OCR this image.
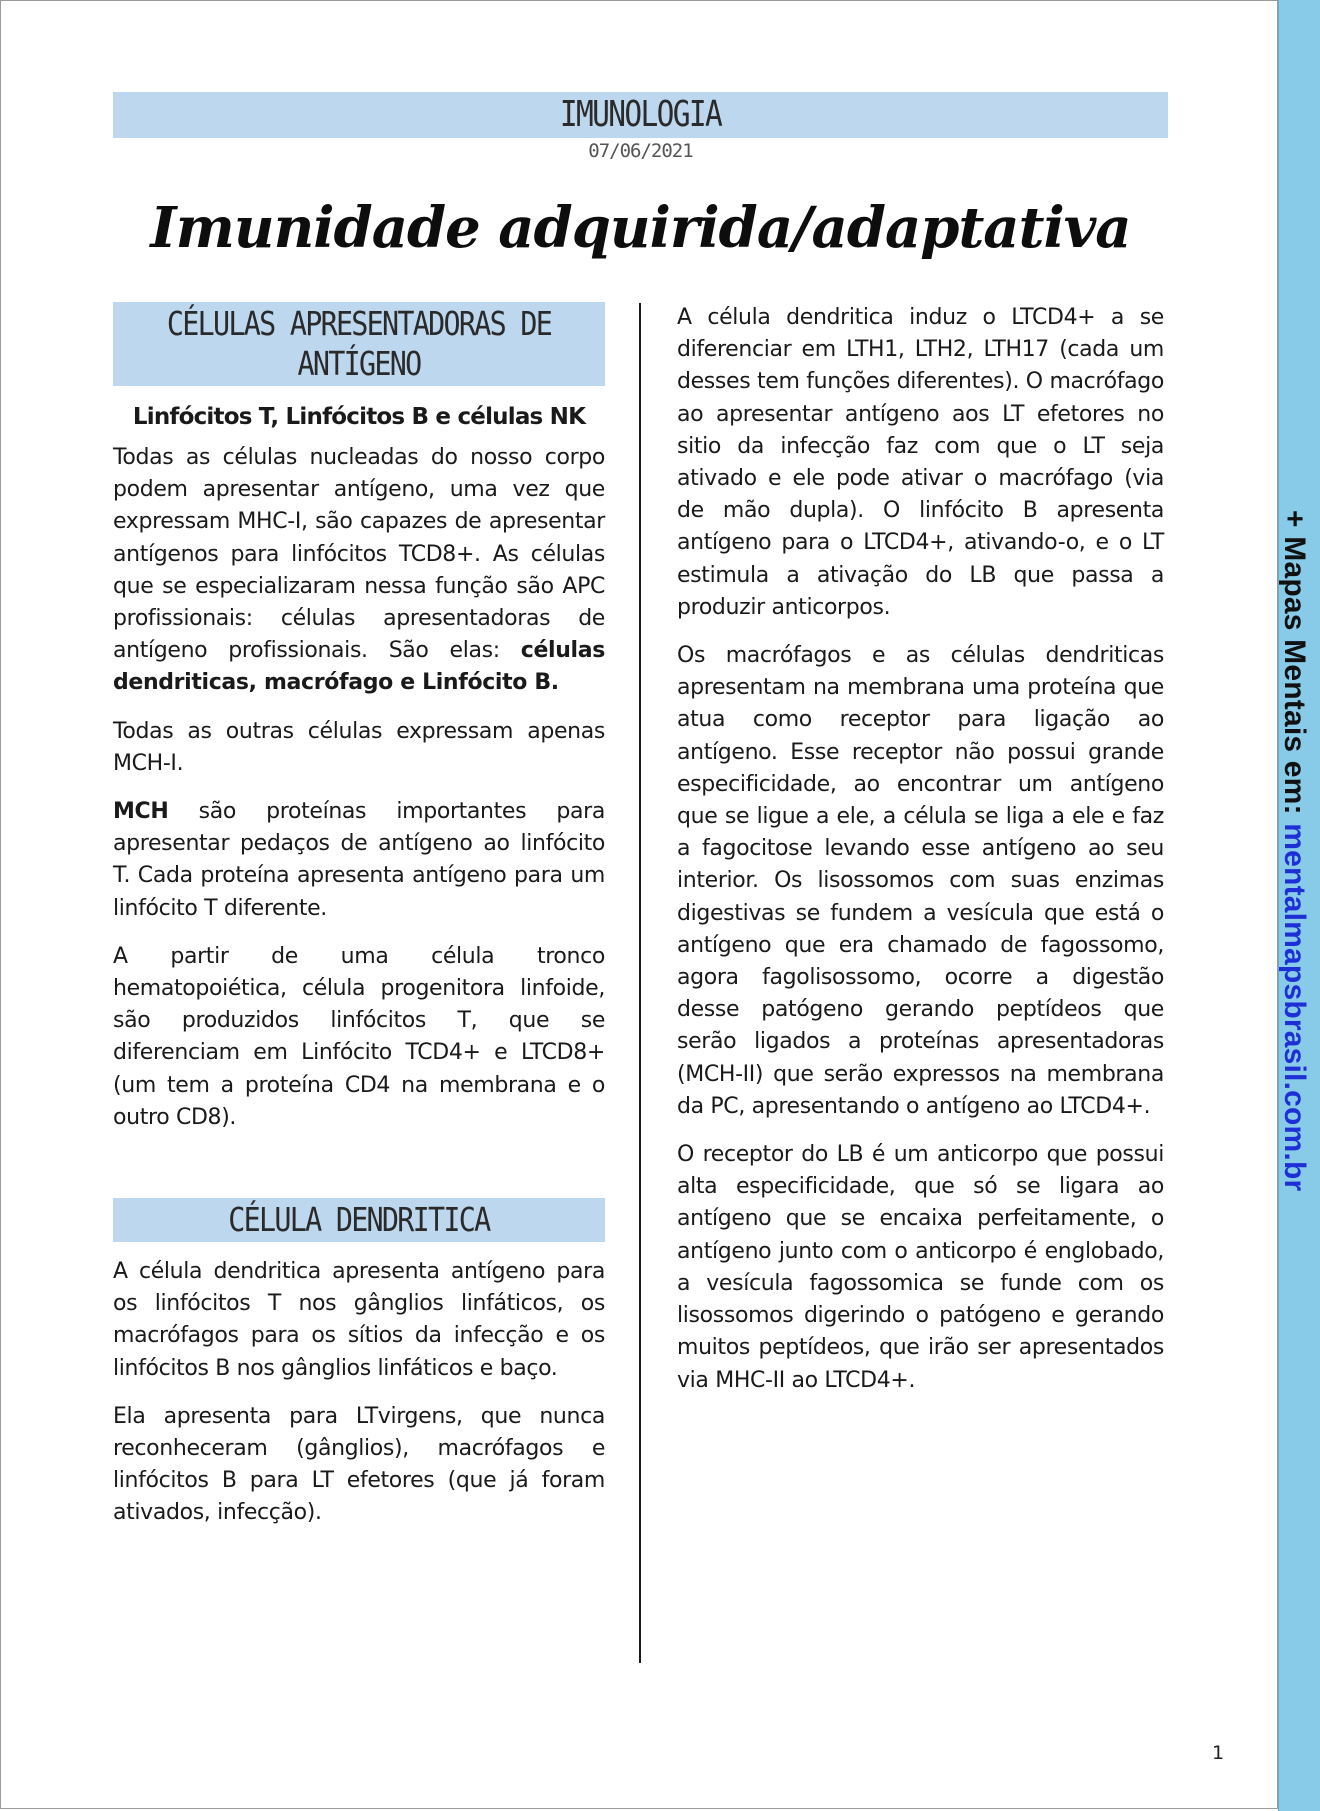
+ Mapas Mentais em: mentalmapsbrasil.com.br
IMUNOLOGIA
07/06/2021
Imunidade adquirida/adaptativa
CÉLULAS APRESENTADORAS DE ANTÍGENO
Linfócitos T, Linfócitos B e células NK

Todas as células nucleadas do nosso corpo podem apresentar antígeno, uma vez que expressam MHC-I, são capazes de apresentar antígenos para linfócitos TCD8+. As células que se especializaram nessa função são APC profissionais: células apresentadoras de antígeno profissionais. São elas: células dendriticas, macrófago e Linfócito B.

Todas as outras células expressam apenas MCH-I.

MCH são proteínas importantes para apresentar pedaços de antígeno ao linfócito T. Cada proteína apresenta antígeno para um linfócito T diferente.

A partir de uma célula tronco hematopoiética, célula progenitora linfoide, são produzidos linfócitos T, que se diferenciam em Linfócito TCD4+ e LTCD8+ (um tem a proteína CD4 na membrana e o outro CD8).

CÉLULA DENDRITICA

A célula dendritica apresenta antígeno para os linfócitos T nos gânglios linfáticos, os macrófagos para os sítios da infecção e os linfócitos B nos gânglios linfáticos e baço.

Ela apresenta para LTvirgens, que nunca reconheceram (gânglios), macrófagos e linfócitos B para LT efetores (que já foram ativados, infecção).

A célula dendritica induz o LTCD4+ a se diferenciar em LTH1, LTH2, LTH17 (cada um desses tem funções diferentes). O macrófago ao apresentar antígeno aos LT efetores no sitio da infecção faz com que o LT seja ativado e ele pode ativar o macrófago (via de mão dupla). O linfócito B apresenta antígeno para o LTCD4+, ativando-o, e o LT estimula a ativação do LB que passa a produzir anticorpos.

Os macrófagos e as células dendriticas apresentam na membrana uma proteína que atua como receptor para ligação ao antígeno. Esse receptor não possui grande especificidade, ao encontrar um antígeno que se ligue a ele, a célula se liga a ele e faz a fagocitose levando esse antígeno ao seu interior. Os lisossomos com suas enzimas digestivas se fundem a vesícula que está o antígeno que era chamado de fagossomo, agora fagolisossomo, ocorre a digestão desse patógeno gerando peptídeos que serão ligados a proteínas apresentadoras (MCH-II) que serão expressos na membrana da PC, apresentando o antígeno ao LTCD4+.

O receptor do LB é um anticorpo que possui alta especificidade, que só se ligara ao antígeno que se encaixa perfeitamente, o antígeno junto com o anticorpo é englobado, a vesícula fagossomica se funde com os lisossomos digerindo o patógeno e gerando muitos peptídeos, que irão ser apresentados via MHC-II ao LTCD4+.

1
